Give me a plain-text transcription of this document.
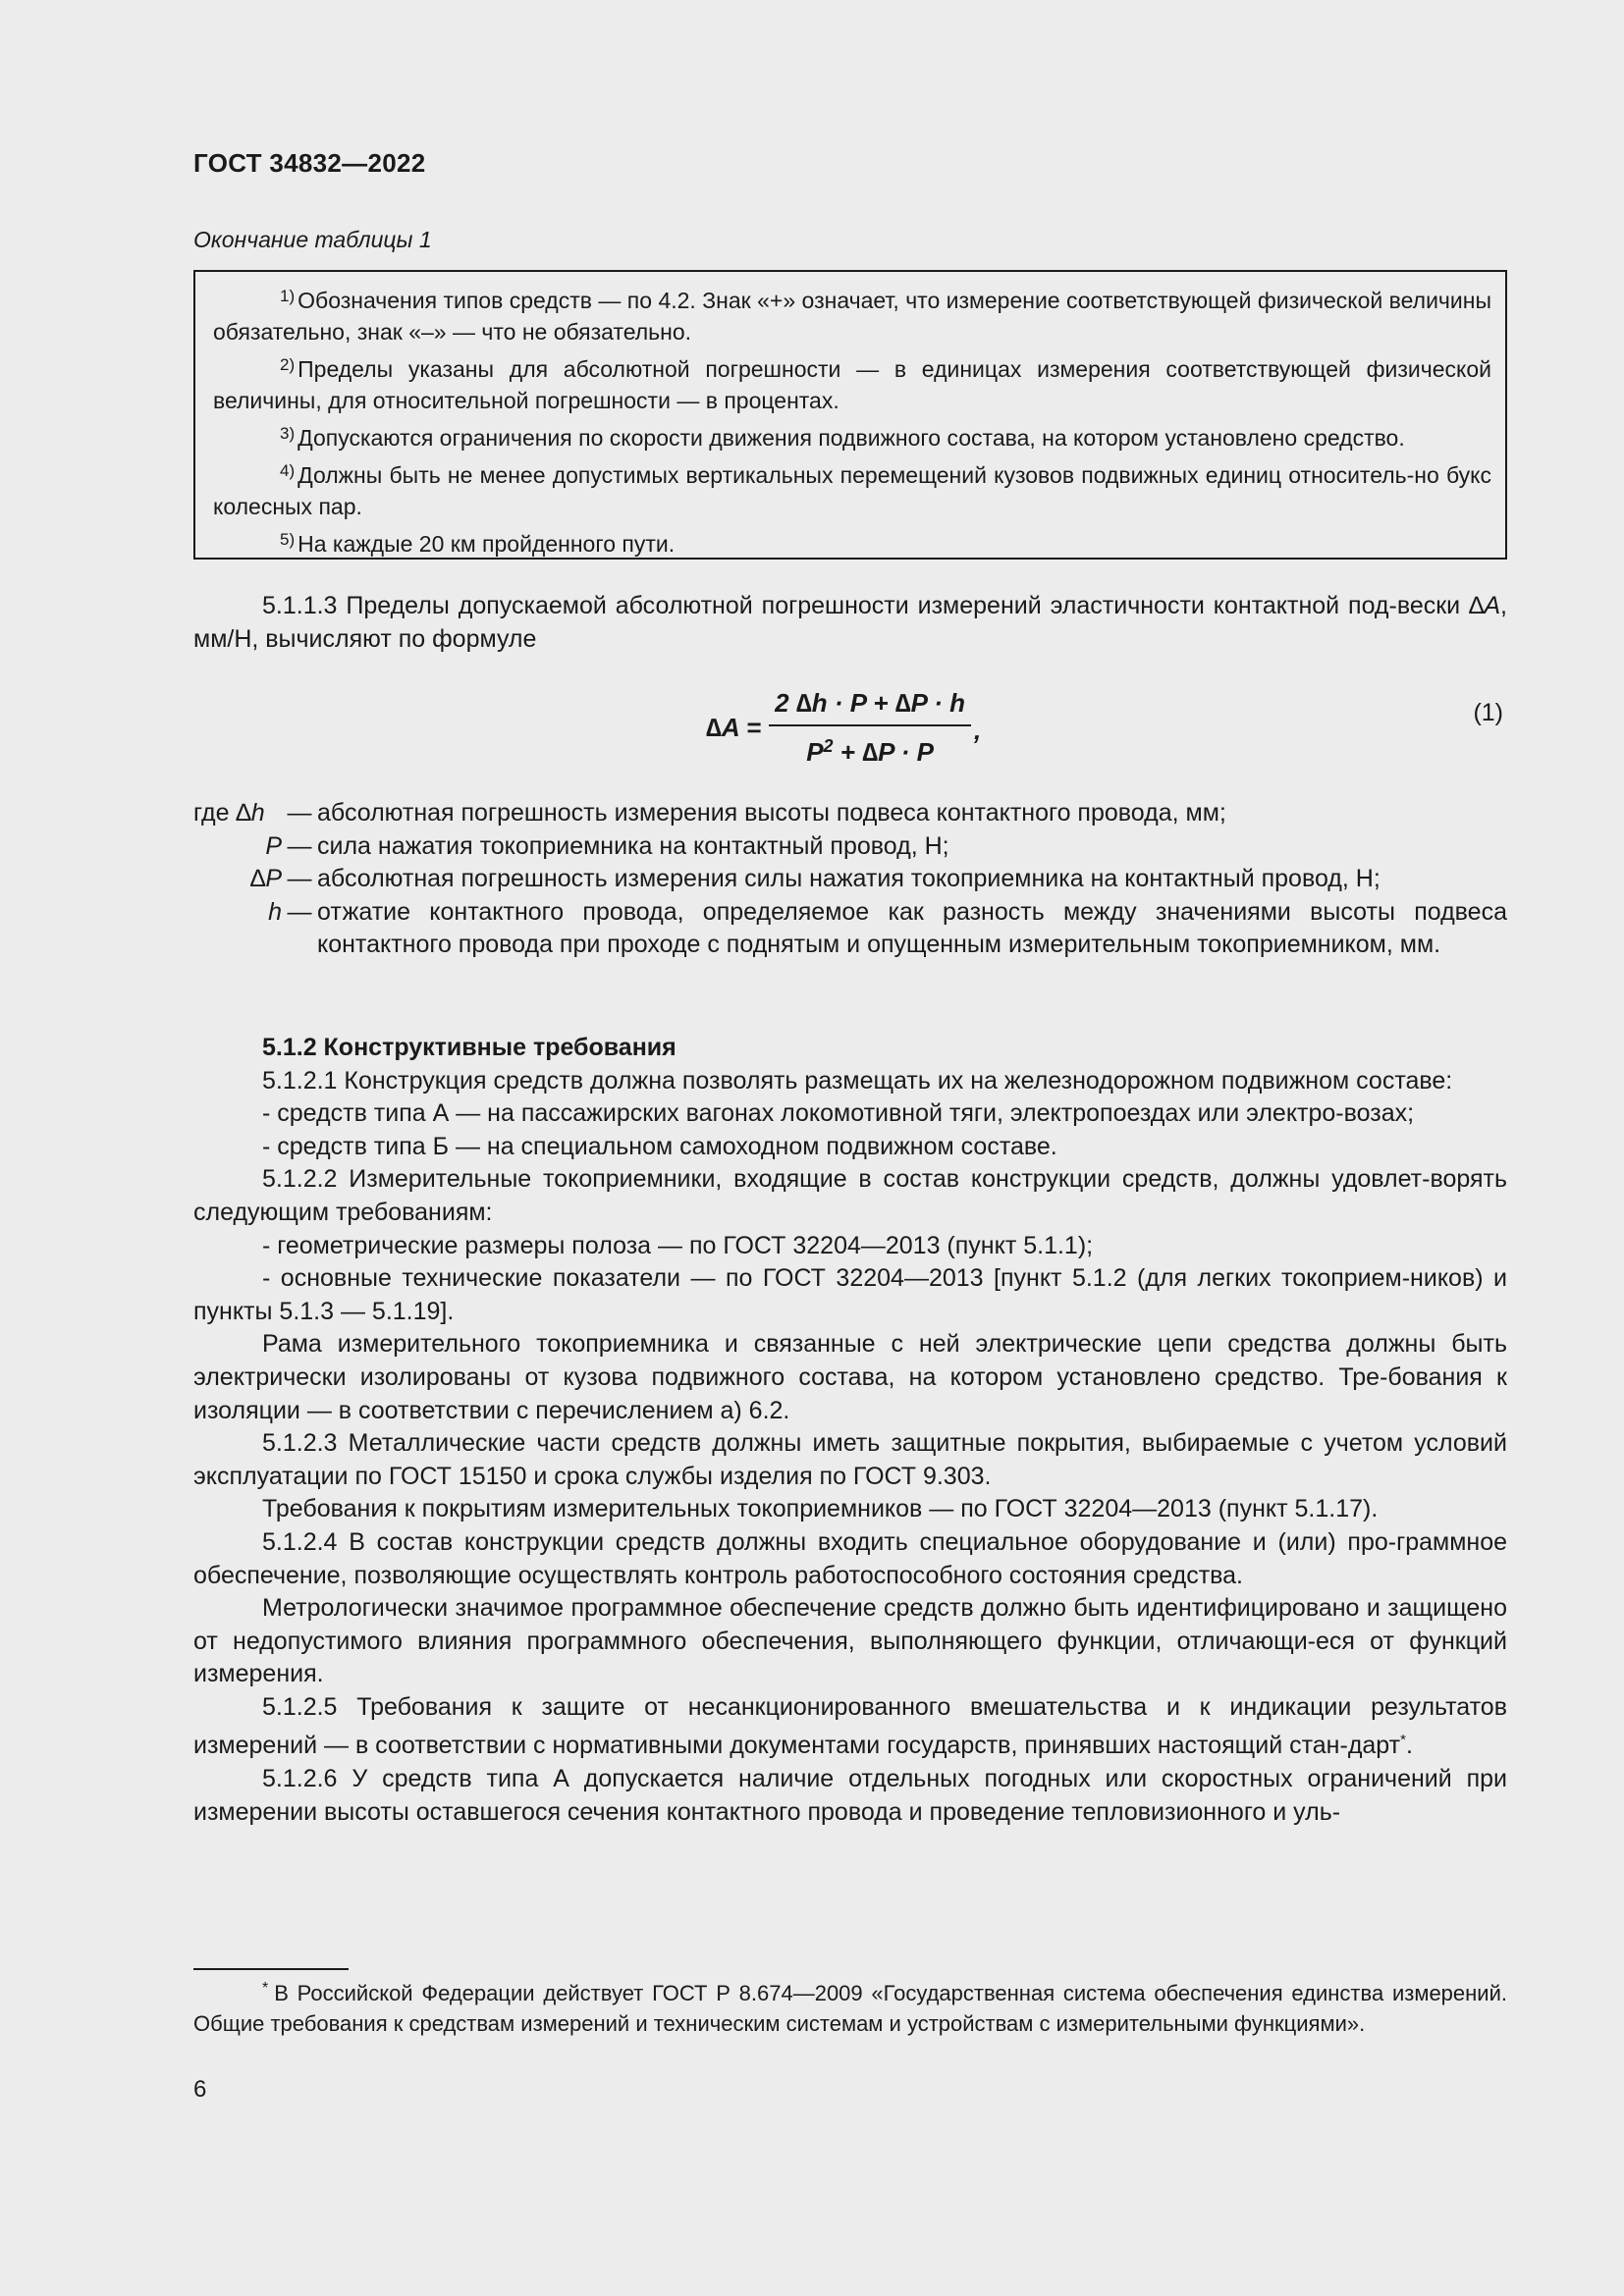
ГОСТ 34832—2022
Окончание таблицы 1

$^{1)}$ Обозначения типов средств — по 4.2. Знак «+» означает, что измерение соответствующей физической величины обязательно, знак «–» — что не обязательно.

$^{2)}$ Пределы указаны для абсолютной погрешности — в единицах измерения соответствующей физической величины, для относительной погрешности — в процентах.

$^{3)}$ Допускаются ограничения по скорости движения подвижного состава, на котором установлено средство.

$^{4)}$ Должны быть не менее допустимых вертикальных перемещений кузовов подвижных единиц относитель-но букс колесных пар.

$^{5)}$ На каждые 20 км пройденного пути.

5.1.1.3 Пределы допускаемой абсолютной погрешности измерений эластичности контактной под-вески ∆A, мм/Н, вычисляют по формуле

$\Delta A = \frac{2 \Delta h \cdot P + \Delta P \cdot h}{P^2 + \Delta P \cdot P}$ ,
(1)
где ∆h — абсолютная погрешность измерения высоты подвеса контактного провода, мм;
P — сила нажатия токоприемника на контактный провод, Н;
∆P — абсолютная погрешность измерения силы нажатия токоприемника на контактный провод, Н;
h — отжатие контактного провода, определяемое как разность между значениями высоты подвеса контактного провода при проходе с поднятым и опущенным измерительным токоприемником, мм.

5.1.2 Конструктивные требования

5.1.2.1 Конструкция средств должна позволять размещать их на железнодорожном подвижном составе:

- средств типа А — на пассажирских вагонах локомотивной тяги, электропоездах или электро-возах;

- средств типа Б — на специальном самоходном подвижном составе.

5.1.2.2 Измерительные токоприемники, входящие в состав конструкции средств, должны удовлет-ворять следующим требованиям:

- геометрические размеры полоза — по ГОСТ 32204—2013 (пункт 5.1.1);

- основные технические показатели — по ГОСТ 32204—2013 [пункт 5.1.2 (для легких токоприем-ников) и пункты 5.1.3 — 5.1.19].

Рама измерительного токоприемника и связанные с ней электрические цепи средства должны быть электрически изолированы от кузова подвижного состава, на котором установлено средство. Тре-бования к изоляции — в соответствии с перечислением а) 6.2.

5.1.2.3 Металлические части средств должны иметь защитные покрытия, выбираемые с учетом условий эксплуатации по ГОСТ 15150 и срока службы изделия по ГОСТ 9.303.

Требования к покрытиям измерительных токоприемников — по ГОСТ 32204—2013 (пункт 5.1.17).

5.1.2.4 В состав конструкции средств должны входить специальное оборудование и (или) про-граммное обеспечение, позволяющие осуществлять контроль работоспособного состояния средства.

Метрологически значимое программное обеспечение средств должно быть идентифицировано и защищено от недопустимого влияния программного обеспечения, выполняющего функции, отличающи-еся от функций измерения.

5.1.2.5 Требования к защите от несанкционированного вмешательства и к индикации результатов измерений — в соответствии с нормативными документами государств, принявших настоящий стан-дарт*.

5.1.2.6 У средств типа А допускается наличие отдельных погодных или скоростных ограничений при измерении высоты оставшегося сечения контактного провода и проведение тепловизионного и уль-

* В Российской Федерации действует ГОСТ Р 8.674—2009 «Государственная система обеспечения единства измерений. Общие требования к средствам измерений и техническим системам и устройствам с измерительными функциями».

6
